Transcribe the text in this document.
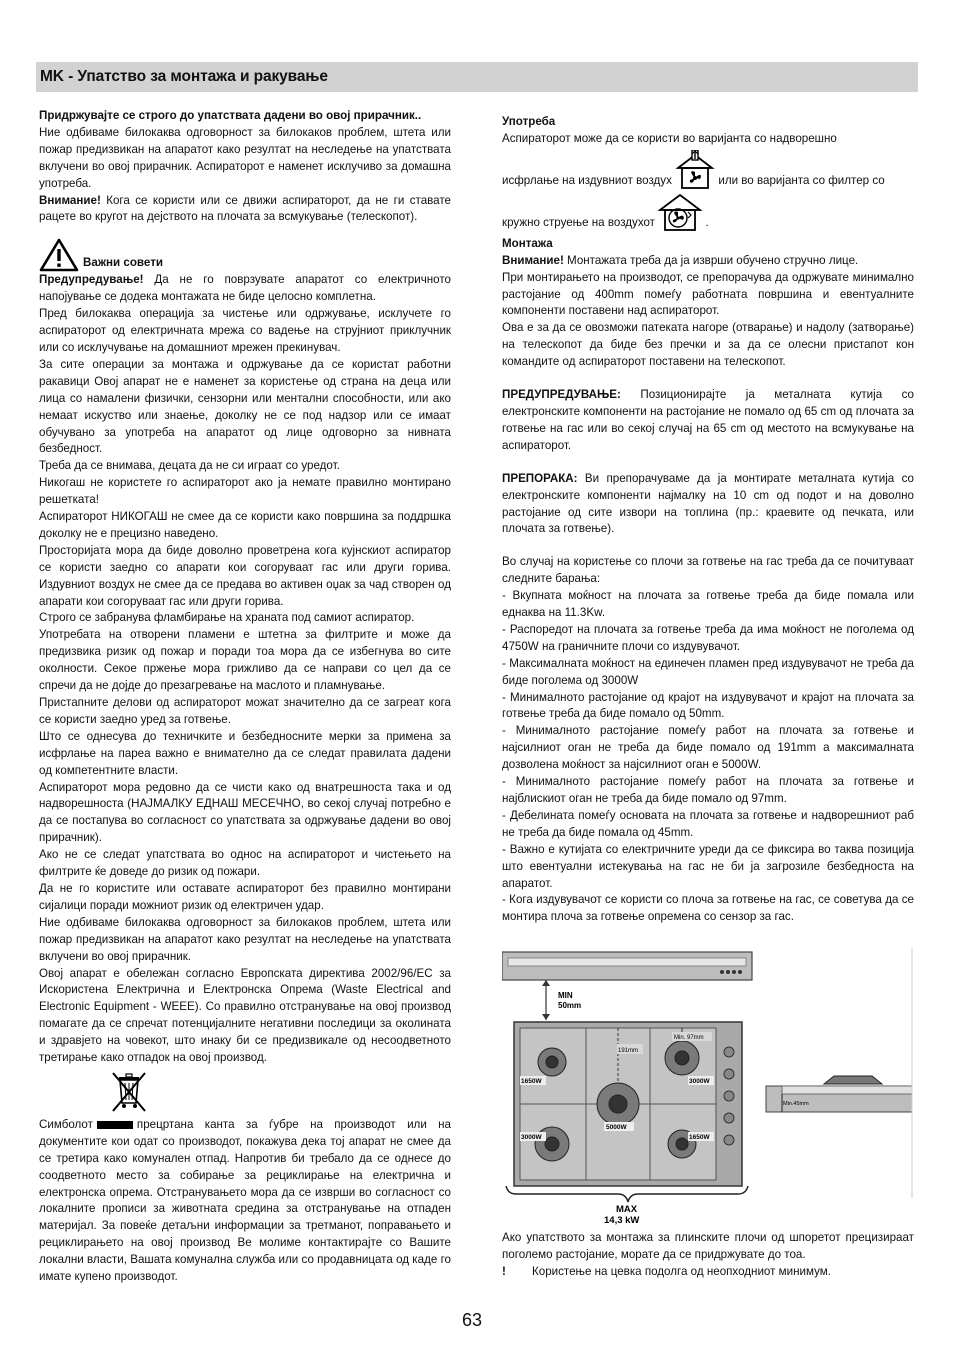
MK - Упатство за монтажа и ракување

Придржувајте се строго до упатствата дадени во овој прирачник..
Ние одбиваме билокаква одговорност за билокаков проблем, штета или пожар предизвикан на апаратот како резултат на неследење на упатствата вклучени во овој прирачник. Аспираторот е наменет исклучиво за домашна употреба.

Внимание! Кога се користи или се движи аспираторот, да не ги ставате рацете во кругот на дејството на плочата за всмукување (телескопот).

Важни совети

Предупредување! Да не го поврзувате апаратот со електричното напојување се додека монтажата не биде целосно комплетна.

Пред билокаква операција за чистење или одржување, исклучете го аспираторот од електричната мрежа со вадење на струјниот приклучник или со исклучување на домашниот мрежен прекинувач.

За сите операции за монтажа и одржување да се користат работни ракавици Овој апарат не е наменет за користење од страна на деца или лица со намалени физички, сензорни или ментални способности, или ако немаат искуство или знаење, доколку не се под надзор или се имаат обучувано за употреба на апаратот од лице одговорно за нивната безбедност.

Треба да се внимава, децата да не си играат со уредот.

Никогаш не користете го аспираторот ако ја немате правилно монтирано решетката!

Аспираторот НИКОГАШ не смее да се користи како површина за поддршка доколку не е прецизно наведено.

Просторијата мора да биде доволно проветрена кога кујнскиот аспиратор се користи заедно со апарати кои согоруваат гас или други горива. Издувниот воздух не смее да се предава во активен оџак за чад створен од апарати кои согоруваат гас или други горива.

Строго се забранува фламбирање на храната под самиот аспиратор.

Употребата на отворени пламени е штетна за филтрите и може да предизвика ризик од пожар и поради тоа мора да се избегнува во сите околности. Секое пржење мора грижливо да се направи со цел да се спречи да не дојде до презагревање на маслото и пламнување.

Пристапните делови од аспираторот можат значително да се загреат кога се користи заедно уред за готвење.

Што се однесува до техничките и безбедносните мерки за примена за исфрлање на пареа важно е внимателно да се следат правилата дадени од компетентните власти.

Аспираторот мора редовно да се чисти како од внатрешноста така и од надворешноста (НАЈМАЛКУ ЕДНАШ МЕСЕЧНО, во секој случај потребно е да се постапува во согласност со упатствата за одржување дадени во овој прирачник).

Ако не се следат упатствата во однос на аспираторот и чистењето на филтрите ќе доведе до ризик од пожари.

Да не го користите или оставате аспираторот без правилно монтирани сијалици поради можниот ризик од електричен удар.

Ние одбиваме билокаква одговорност за билокаков проблем, штета или пожар предизвикан на апаратот како резултат на неследење на упатствата вклучени во овој прирачник.

Овој апарат е обележан согласно Европската директива 2002/96/EC за Искористена Електрична и Електронска Опрема (Waste Electrical and Electronic Equipment - WEEE). Со правилно отстранување на овој производ помагате да се спречат потенцијалните негативни последици за околината и здравјето на човекот, што инаку би се предизвикале од несоодветното третирање како отпадок на овој производ.

Симболот	прецртана канта за ѓубре на производот или на документите кои одат со производот, покажува дека тој апарат не смее да се третира како комунален отпад. Напротив би требало да се однесе до соодветното место за собирање за рециклирање на електрична и електронска опрема. Отстранувањето мора да се изврши во согласност со локалните прописи за животната средина за отстранување на отпаден материјал. За повеќе детаљни информации за третманот, поправањето и рециклирањето на овој производ Ве молиме контактирајте со Вашите локални власти, Вашата комунална служба или со продавницата од каде го имате купено производот.

Употреба

Аспираторот може да се користи во варијанта со надворешно

исфрлање на издувниот воздух	или во варијанта со филтер со

кружно струење на воздухот	.

Монтажа

Внимание! Монтажата треба да ја изврши обучено стручно лице.

При монтирањето на производот, се препорачува да одржувате минимално растојание од 400mm помеѓу работната површина и евентуалните компоненти поставени над аспираторот.

Ова е за да се овозможи патеката нагоре (отварање) и надолу (затворање) на телескопот да биде без пречки и за да се олесни пристапот кон командите од аспираторот поставени на телескопот.

ПРЕДУПРЕДУВАЊЕ: Позиционирајте ја металната кутија со електронските компоненти на растојание не помало од 65 cm од плочата за готвење на гас или во секој случај на 65 cm од местото на всмукување на аспираторот.

ПРЕПОРАКА: Ви препорачуваме да ја монтирате металната кутија со електронските компоненти најмалку на 10 cm од подот и на доволно растојание од сите извори на топлина (пр.: краевите од печката, или плочата за готвење).

Во случај на користење со плочи за готвење на гас треба да се почитуваат следните барања:

- Вкупната моќност на плочата за готвење треба да биде помала или еднаква на 11.3Kw.

- Распоредот на плочата за готвење треба да има моќност не поголема од 4750W на граничните плочи со издувувачот.

- Максималната моќност на единечен пламен пред издувувачот не треба да биде поголема од 3000W

- Минималното растојание од крајот на издувувачот и крајот на плочата за готвење треба да биде помало од 50mm.

- Минималното растојание помеѓу работ на плочата за готвење и најсилниот оган не треба да биде помало од 191mm а максималната дозволена моќност за најсилниот оган е 5000W.

- Минималното растојание помеѓу работ на плочата за готвење и најблискиот оган не треба да биде помало од 97mm.

- Дебелината помеѓу основата на плочата за готвење и надворешниот раб не треба да биде помала од 45mm.

- Важно е кутијата со електричните уреди да се фиксира во таква позиција што евентуални истекувања на гас не би ја загрозиле безбедноста на апаратот.

- Кога издувувачот се користи со плоча за готвење на гас, се советува да се монтира плоча за готвење опремена со сензор за гас.

MIN
50mm
191mm
Min. 97mm
1650W	3000W
5000W
3000W	1650W
MAX
14,3 kW
Min.45mm

Ако упатството за монтажа за плинските плочи од шпоретот прецизираат поголемо растојание, морате да се придржувате до тоа.

! Користење на цевка подолга од неопходниот минимум.

63
